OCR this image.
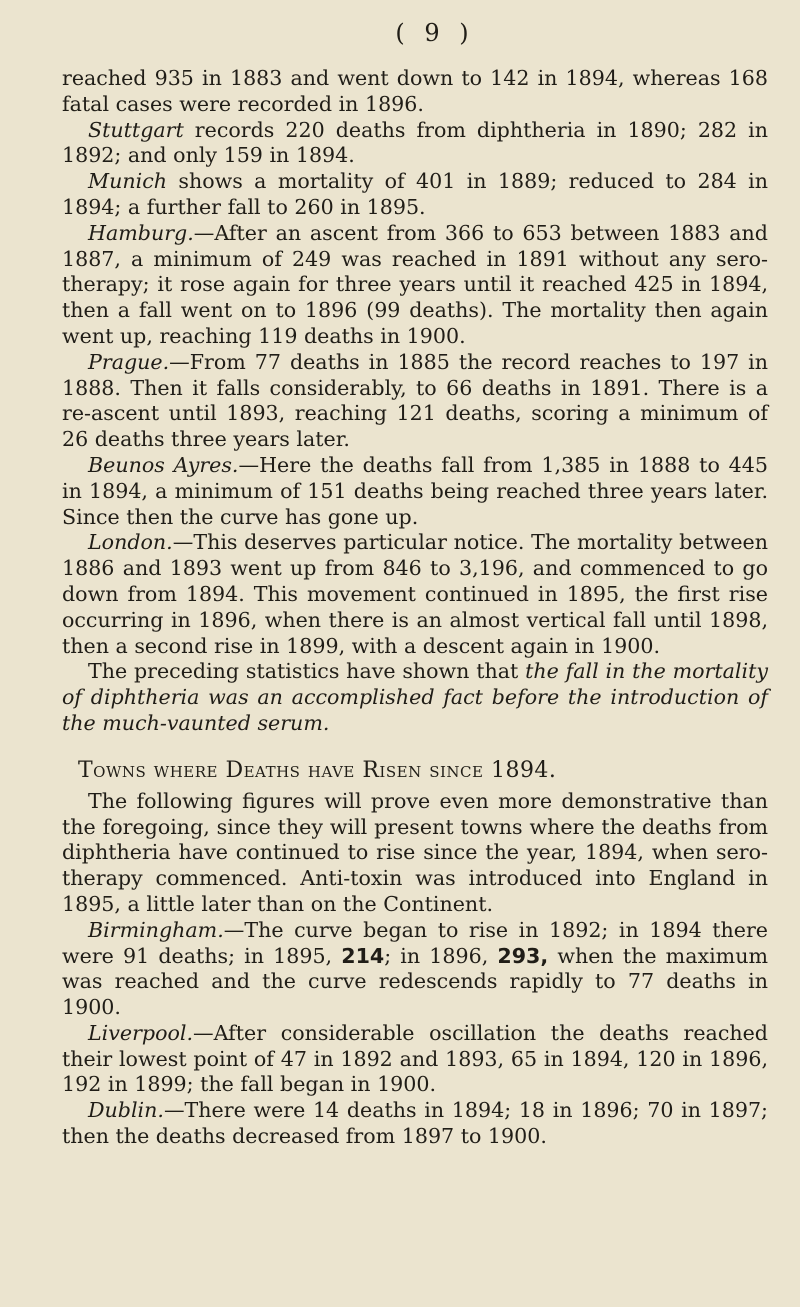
( 9 )

reached 935 in 1883 and went down to 142 in 1894, whereas 168 fatal cases were recorded in 1896.

Stuttgart records 220 deaths from diphtheria in 1890; 282 in 1892; and only 159 in 1894.

Munich shows a mortality of 401 in 1889; reduced to 284 in 1894; a further fall to 260 in 1895.

Hamburg.—After an ascent from 366 to 653 between 1883 and 1887, a minimum of 249 was reached in 1891 without any sero-therapy; it rose again for three years until it reached 425 in 1894, then a fall went on to 1896 (99 deaths). The mortality then again went up, reaching 119 deaths in 1900.

Prague.—From 77 deaths in 1885 the record reaches to 197 in 1888. Then it falls considerably, to 66 deaths in 1891. There is a re-ascent until 1893, reaching 121 deaths, scoring a minimum of 26 deaths three years later.

Beunos Ayres.—Here the deaths fall from 1,385 in 1888 to 445 in 1894, a minimum of 151 deaths being reached three years later. Since then the curve has gone up.

London.—This deserves particular notice. The mortality between 1886 and 1893 went up from 846 to 3,196, and commenced to go down from 1894. This movement continued in 1895, the first rise occurring in 1896, when there is an almost vertical fall until 1898, then a second rise in 1899, with a descent again in 1900.

The preceding statistics have shown that the fall in the mortality of diphtheria was an accomplished fact before the introduction of the much-vaunted serum.

Towns where Deaths have Risen since 1894.

The following figures will prove even more demonstrative than the foregoing, since they will present towns where the deaths from diphtheria have continued to rise since the year, 1894, when sero-therapy commenced. Anti-toxin was introduced into England in 1895, a little later than on the Continent.

Birmingham.—The curve began to rise in 1892; in 1894 there were 91 deaths; in 1895, 214; in 1896, 293, when the maximum was reached and the curve redescends rapidly to 77 deaths in 1900.

Liverpool.—After considerable oscillation the deaths reached their lowest point of 47 in 1892 and 1893, 65 in 1894, 120 in 1896, 192 in 1899; the fall began in 1900.

Dublin.—There were 14 deaths in 1894; 18 in 1896; 70 in 1897; then the deaths decreased from 1897 to 1900.
